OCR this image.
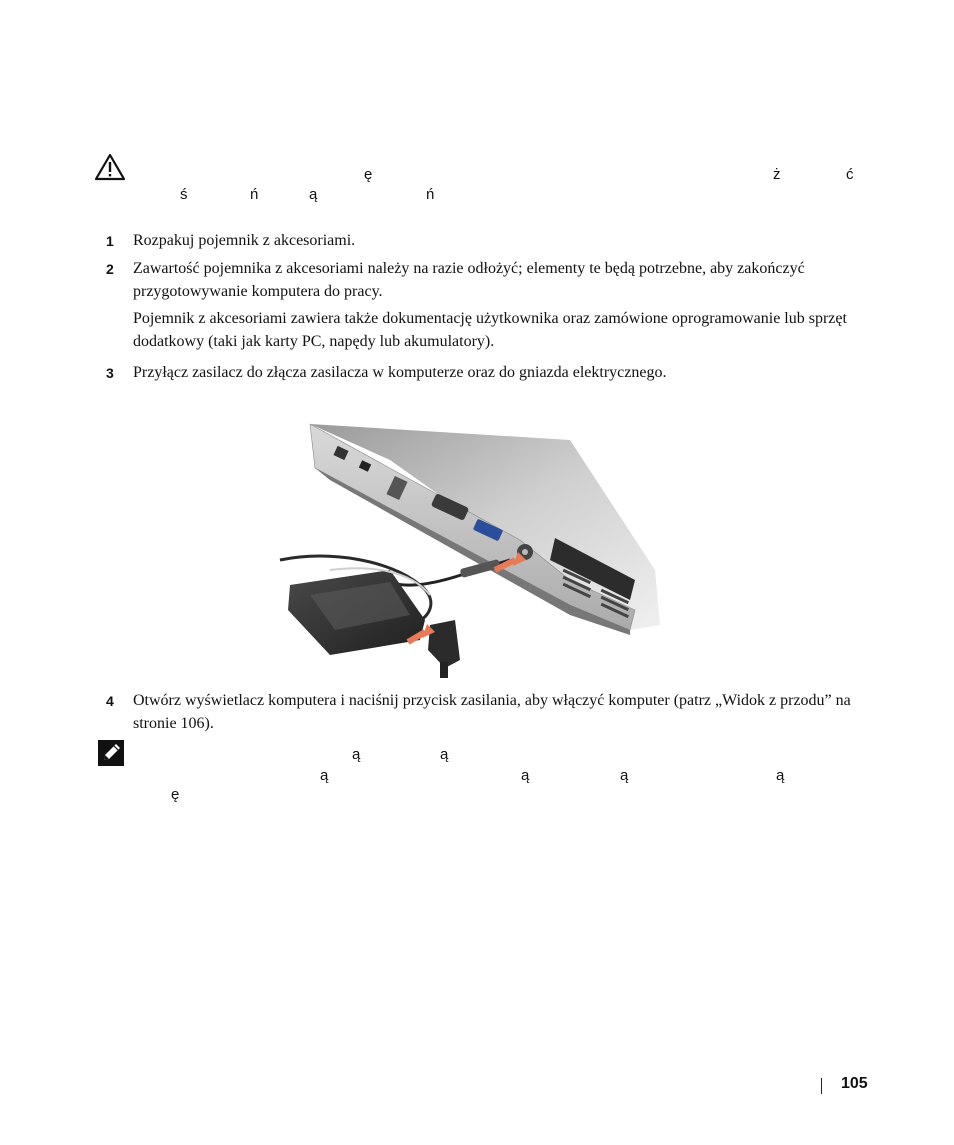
ę	ż	ć
ś	ń	ą	ń
1	Rozpakuj pojemnik z akcesoriami.
2	Zawartość pojemnika z akcesoriami należy na razie odłożyć; elementy te będą potrzebne, aby zakończyć przygotowywanie komputera do pracy.
Pojemnik z akcesoriami zawiera także dokumentację użytkownika oraz zamówione oprogramowanie lub sprzęt dodatkowy (taki jak karty PC, napędy lub akumulatory).
3	Przyłącz zasilacz do złącza zasilacza w komputerze oraz do gniazda elektrycznego.
4	Otwórz wyświetlacz komputera i naciśnij przycisk zasilania, aby włączyć komputer (patrz „Widok z przodu” na stronie 106).
ą	ą
ą	ą	ą	ą
ę
105
